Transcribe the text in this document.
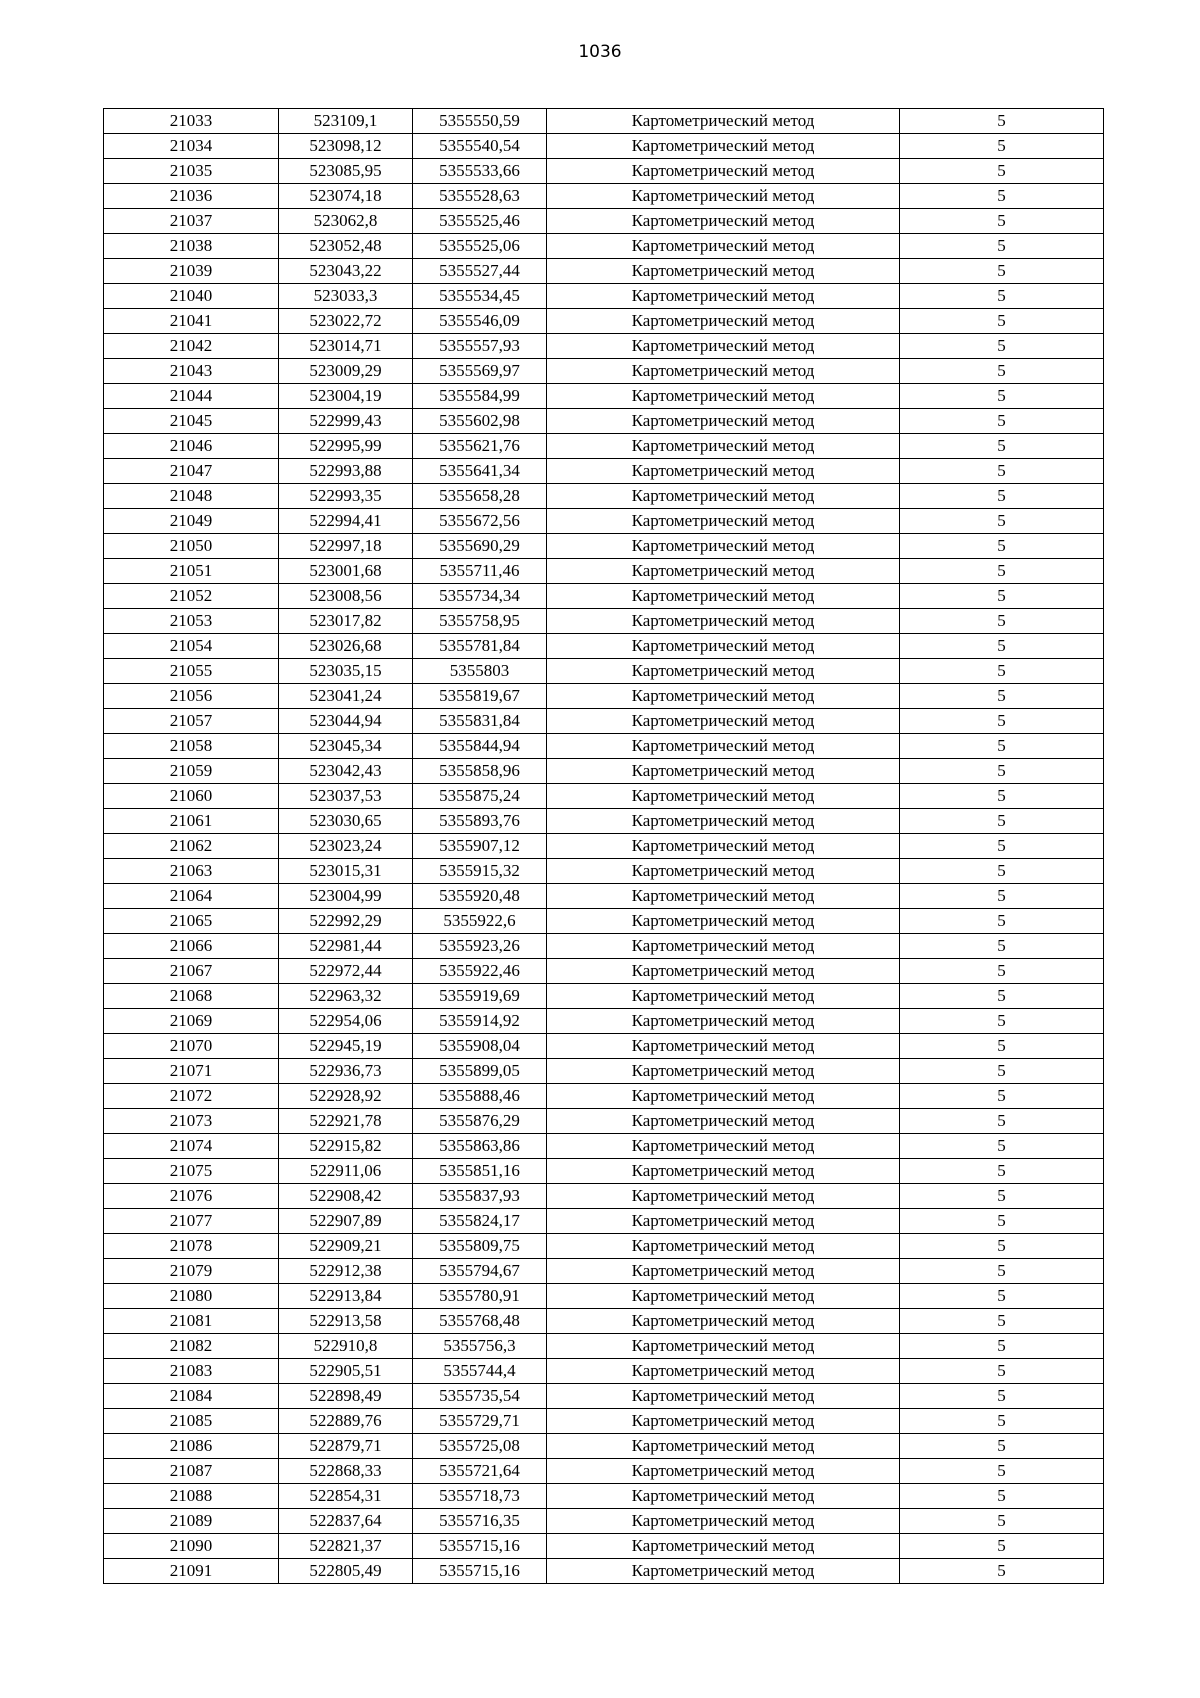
1036
21033	523109,1	5355550,59	Картометрический метод	5
21034	523098,12	5355540,54	Картометрический метод	5
21035	523085,95	5355533,66	Картометрический метод	5
21036	523074,18	5355528,63	Картометрический метод	5
21037	523062,8	5355525,46	Картометрический метод	5
21038	523052,48	5355525,06	Картометрический метод	5
21039	523043,22	5355527,44	Картометрический метод	5
21040	523033,3	5355534,45	Картометрический метод	5
21041	523022,72	5355546,09	Картометрический метод	5
21042	523014,71	5355557,93	Картометрический метод	5
21043	523009,29	5355569,97	Картометрический метод	5
21044	523004,19	5355584,99	Картометрический метод	5
21045	522999,43	5355602,98	Картометрический метод	5
21046	522995,99	5355621,76	Картометрический метод	5
21047	522993,88	5355641,34	Картометрический метод	5
21048	522993,35	5355658,28	Картометрический метод	5
21049	522994,41	5355672,56	Картометрический метод	5
21050	522997,18	5355690,29	Картометрический метод	5
21051	523001,68	5355711,46	Картометрический метод	5
21052	523008,56	5355734,34	Картометрический метод	5
21053	523017,82	5355758,95	Картометрический метод	5
21054	523026,68	5355781,84	Картометрический метод	5
21055	523035,15	5355803	Картометрический метод	5
21056	523041,24	5355819,67	Картометрический метод	5
21057	523044,94	5355831,84	Картометрический метод	5
21058	523045,34	5355844,94	Картометрический метод	5
21059	523042,43	5355858,96	Картометрический метод	5
21060	523037,53	5355875,24	Картометрический метод	5
21061	523030,65	5355893,76	Картометрический метод	5
21062	523023,24	5355907,12	Картометрический метод	5
21063	523015,31	5355915,32	Картометрический метод	5
21064	523004,99	5355920,48	Картометрический метод	5
21065	522992,29	5355922,6	Картометрический метод	5
21066	522981,44	5355923,26	Картометрический метод	5
21067	522972,44	5355922,46	Картометрический метод	5
21068	522963,32	5355919,69	Картометрический метод	5
21069	522954,06	5355914,92	Картометрический метод	5
21070	522945,19	5355908,04	Картометрический метод	5
21071	522936,73	5355899,05	Картометрический метод	5
21072	522928,92	5355888,46	Картометрический метод	5
21073	522921,78	5355876,29	Картометрический метод	5
21074	522915,82	5355863,86	Картометрический метод	5
21075	522911,06	5355851,16	Картометрический метод	5
21076	522908,42	5355837,93	Картометрический метод	5
21077	522907,89	5355824,17	Картометрический метод	5
21078	522909,21	5355809,75	Картометрический метод	5
21079	522912,38	5355794,67	Картометрический метод	5
21080	522913,84	5355780,91	Картометрический метод	5
21081	522913,58	5355768,48	Картометрический метод	5
21082	522910,8	5355756,3	Картометрический метод	5
21083	522905,51	5355744,4	Картометрический метод	5
21084	522898,49	5355735,54	Картометрический метод	5
21085	522889,76	5355729,71	Картометрический метод	5
21086	522879,71	5355725,08	Картометрический метод	5
21087	522868,33	5355721,64	Картометрический метод	5
21088	522854,31	5355718,73	Картометрический метод	5
21089	522837,64	5355716,35	Картометрический метод	5
21090	522821,37	5355715,16	Картометрический метод	5
21091	522805,49	5355715,16	Картометрический метод	5
